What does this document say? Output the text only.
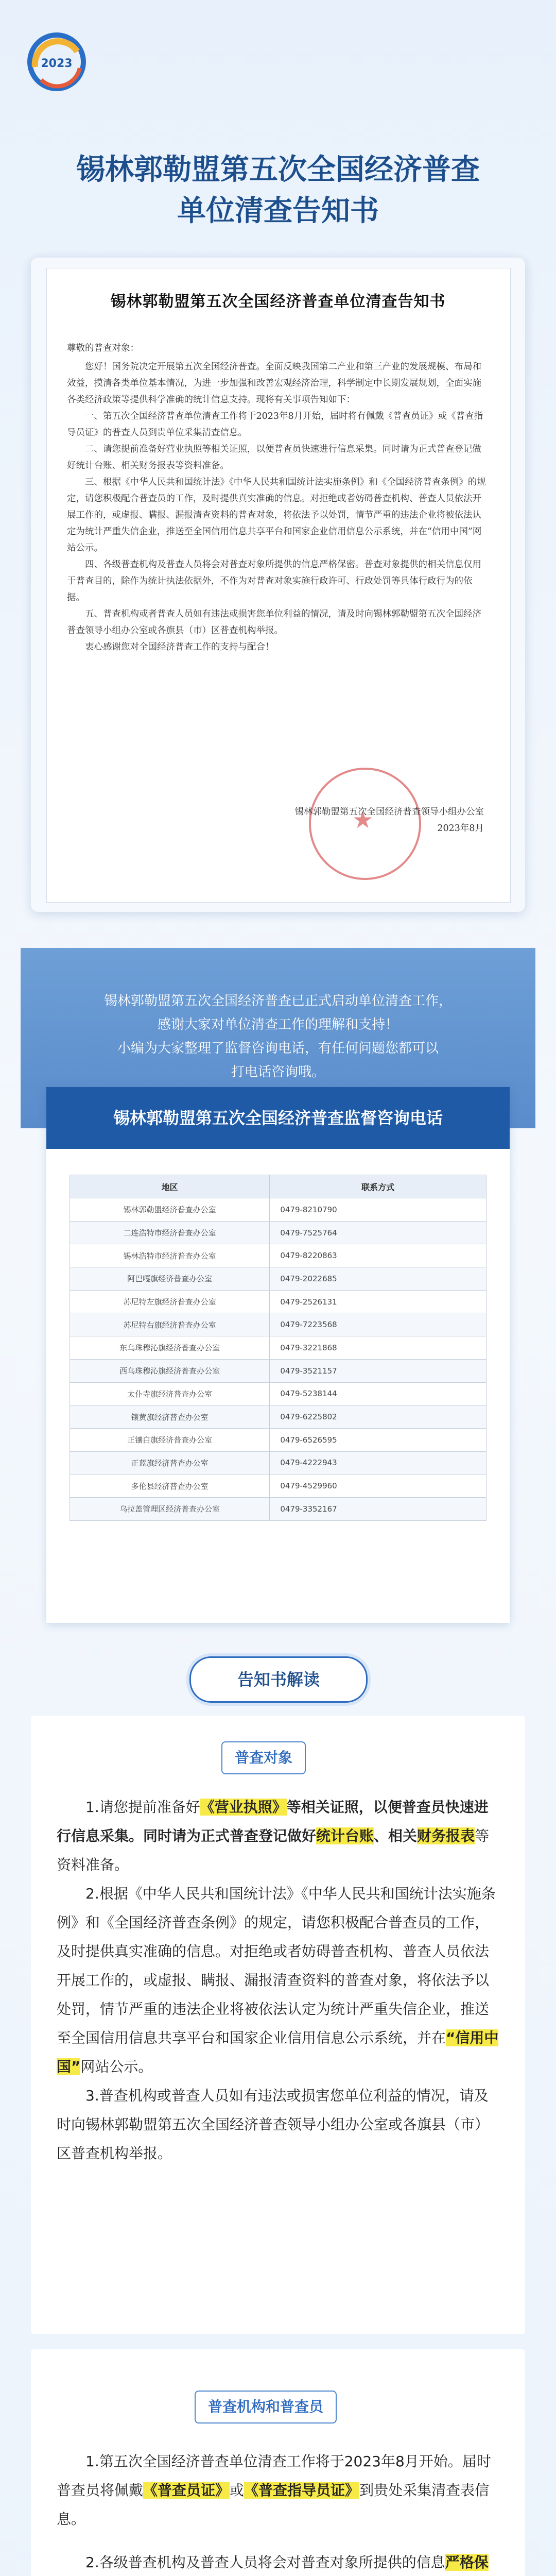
2023
锡林郭勒盟第五次全国经济普查
单位清查告知书
锡林郭勒盟第五次全国经济普查单位清查告知书

尊敬的普查对象：

您好！国务院决定开展第五次全国经济普查。全面反映我国第二产业和第三产业的发展规模、布局和效益，摸清各类单位基本情况，为进一步加强和改善宏观经济治理，科学制定中长期发展规划，全面实施各类经济政策等提供科学准确的统计信息支持。现将有关事项告知如下：

一、第五次全国经济普查单位清查工作将于2023年8月开始，届时将有佩戴《普查员证》或《普查指导员证》的普查人员到贵单位采集清查信息。

二、请您提前准备好营业执照等相关证照，以便普查员快速进行信息采集。同时请为正式普查登记做好统计台账、相关财务报表等资料准备。

三、根据《中华人民共和国统计法》《中华人民共和国统计法实施条例》和《全国经济普查条例》的规定，请您积极配合普查员的工作，及时提供真实准确的信息。对拒绝或者妨碍普查机构、普查人员依法开展工作的，或虚报、瞒报、漏报清查资料的普查对象，将依法予以处罚，情节严重的违法企业将被依法认定为统计严重失信企业，推送至全国信用信息共享平台和国家企业信用信息公示系统，并在“信用中国”网站公示。

四、各级普查机构及普查人员将会对普查对象所提供的信息严格保密。普查对象提供的相关信息仅用于普查目的，除作为统计执法依据外，不作为对普查对象实施行政许可、行政处罚等具体行政行为的依据。

五、普查机构或者普查人员如有违法或损害您单位利益的情况，请及时向锡林郭勒盟第五次全国经济普查领导小组办公室或各旗县（市）区普查机构举报。

衷心感谢您对全国经济普查工作的支持与配合！

★
锡林郭勒盟第五次全国经济普查领导小组办公室
2023年8月
锡林郭勒盟第五次全国经济普查已正式启动单位清查工作，
感谢大家对单位清查工作的理解和支持！
小编为大家整理了监督咨询电话，有任何问题您都可以
打电话咨询哦。
锡林郭勒盟第五次全国经济普查监督咨询电话
地区	联系方式
锡林郭勒盟经济普查办公室	0479-8210790
二连浩特市经济普查办公室	0479-7525764
锡林浩特市经济普查办公室	0479-8220863
阿巴嘎旗经济普查办公室	0479-2022685
苏尼特左旗经济普查办公室	0479-2526131
苏尼特右旗经济普查办公室	0479-7223568
东乌珠穆沁旗经济普查办公室	0479-3221868
西乌珠穆沁旗经济普查办公室	0479-3521157
太仆寺旗经济普查办公室	0479-5238144
镶黄旗经济普查办公室	0479-6225802
正镶白旗经济普查办公室	0479-6526595
正蓝旗经济普查办公室	0479-4222943
多伦县经济普查办公室	0479-4529960
乌拉盖管理区经济普查办公室	0479-3352167
告知书解读
普查对象

1.请您提前准备好《营业执照》等相关证照，以便普查员快速进行信息采集。同时请为正式普查登记做好统计台账、相关财务报表等资料准备。

2.根据《中华人民共和国统计法》《中华人民共和国统计法实施条例》和《全国经济普查条例》的规定，请您积极配合普查员的工作，及时提供真实准确的信息。对拒绝或者妨碍普查机构、普查人员依法开展工作的，或虚报、瞒报、漏报清查资料的普查对象，将依法予以处罚，情节严重的违法企业将被依法认定为统计严重失信企业，推送至全国信用信息共享平台和国家企业信用信息公示系统，并在“信用中国”网站公示。

3.普查机构或普查人员如有违法或损害您单位利益的情况，请及时向锡林郭勒盟第五次全国经济普查领导小组办公室或各旗县（市）区普查机构举报。

普查机构和普查员

1.第五次全国经济普查单位清查工作将于2023年8月开始。届时普查员将佩戴《普查员证》或《普查指导员证》到贵处采集清查表信息。

2.各级普查机构及普查人员将会对普查对象所提供的信息严格保
